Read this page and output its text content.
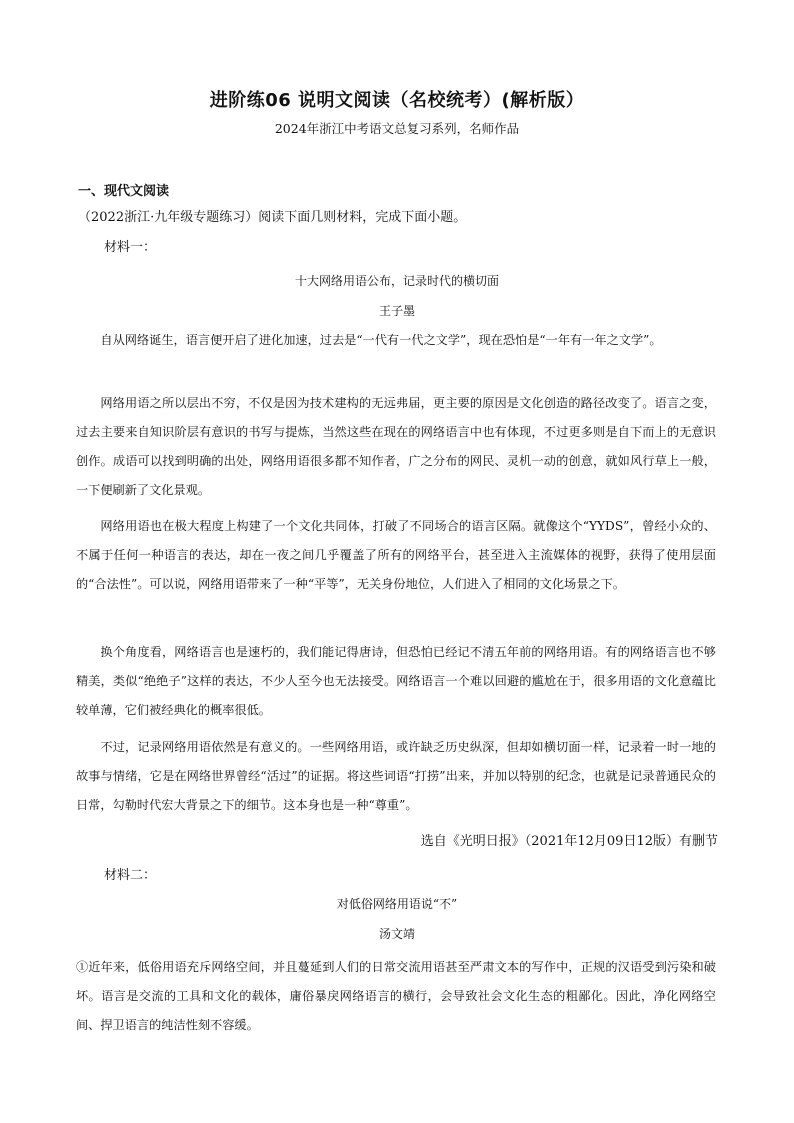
进阶练06 说明文阅读（名校统考）(解析版）
2024年浙江中考语文总复习系列，名师作品
一、现代文阅读
（2022浙江·九年级专题练习）阅读下面几则材料，完成下面小题。
材料一：
十大网络用语公布，记录时代的横切面
王子墨

自从网络诞生，语言便开启了进化加速，过去是“一代有一代之文学”，现在恐怕是“一年有一年之文学”。

网络用语之所以层出不穷，不仅是因为技术建构的无远弗届，更主要的原因是文化创造的路径改变了。语言之变，过去主要来自知识阶层有意识的书写与提炼，当然这些在现在的网络语言中也有体现，不过更多则是自下而上的无意识创作。成语可以找到明确的出处，网络用语很多都不知作者，广之分布的网民、灵机一动的创意，就如风行草上一般，一下便刷新了文化景观。

网络用语也在极大程度上构建了一个文化共同体，打破了不同场合的语言区隔。就像这个“YYDS”，曾经小众的、不属于任何一种语言的表达，却在一夜之间几乎覆盖了所有的网络平台，甚至进入主流媒体的视野，获得了使用层面的“合法性”。可以说，网络用语带来了一种“平等”，无关身份地位，人们进入了相同的文化场景之下。

换个角度看，网络语言也是速朽的，我们能记得唐诗，但恐怕已经记不清五年前的网络用语。有的网络语言也不够精美，类似“绝绝子”这样的表达，不少人至今也无法接受。网络语言一个难以回避的尴尬在于，很多用语的文化意蕴比较单薄，它们被经典化的概率很低。

不过，记录网络用语依然是有意义的。一些网络用语，或许缺乏历史纵深，但却如横切面一样，记录着一时一地的故事与情绪，它是在网络世界曾经“活过”的证据。将这些词语“打捞”出来，并加以特别的纪念，也就是记录普通民众的日常，勾勒时代宏大背景之下的细节。这本身也是一种“尊重”。

选自《光明日报》（2021年12月09日12版）有删节
材料二：
对低俗网络用语说“不”
汤文靖

①近年来，低俗用语充斥网络空间，并且蔓延到人们的日常交流用语甚至严肃文本的写作中，正规的汉语受到污染和破坏。语言是交流的工具和文化的载体，庸俗暴戾网络语言的横行，会导致社会文化生态的粗鄙化。因此，净化网络空间、捍卫语言的纯洁性刻不容缓。
